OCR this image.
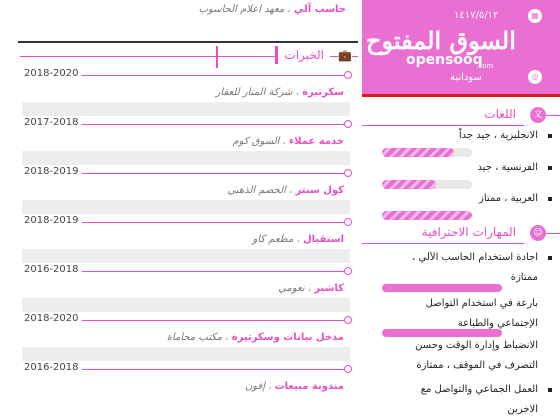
حاسب آلي ، معهد اعلام الحاسوب
💼
الخبرات
2018-2020
سكرتيرة ، شركة المنار للعقار
2017-2018
خدمة عملاء ، السوق كوم
2018-2019
كول سنتر ، الخصم الذهبي
2018-2019
استقبال ، مطعم كاو
2016-2018
كاشير ، نعومي
2018-2020
مدخل بيانات وسكرتيرة ، مكتب محاماة
2016-2018
مندوبة مبيعات ، إفون
▦
١٤١٧/٥/١٢
السوق المفتوح
opensooq
.com
◎
سودانية
文
اللغات
الانجليزية ، جيد جداً
الفرنسية ، جيد
العربية ، ممتاز
☺
المهارات الاحترافية
اجادة استخدام الحاسب الآلي ، ممتازة
بارعة في استخدام التواصل الإجتماعي والطباعة
الانضباط وإدارة الوقت وحسن التصرف في الموقف ، ممتازة
العمل الجماعي والتواصل مع الاخرين
